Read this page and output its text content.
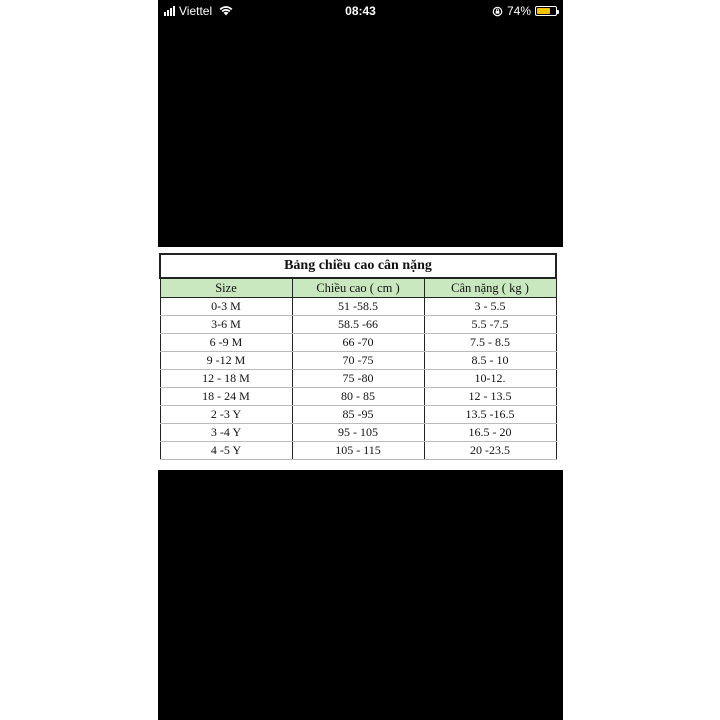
Viettel	08:43	74%
Bảng chiều cao cân nặng		
Size	Chiều cao ( cm )	Cân nặng ( kg )
0-3 M	51 -58.5	3 - 5.5
3-6 M	58.5 -66	5.5 -7.5
6 -9 M	66 -70	7.5 - 8.5
9 -12 M	70 -75	8.5 - 10
12 - 18 M	75 -80	10-12.
18 - 24 M	80 - 85	12 - 13.5
2 -3 Y	85 -95	13.5 -16.5
3 -4 Y	95 - 105	16.5 - 20
4 -5 Y	105 - 115	20 -23.5
